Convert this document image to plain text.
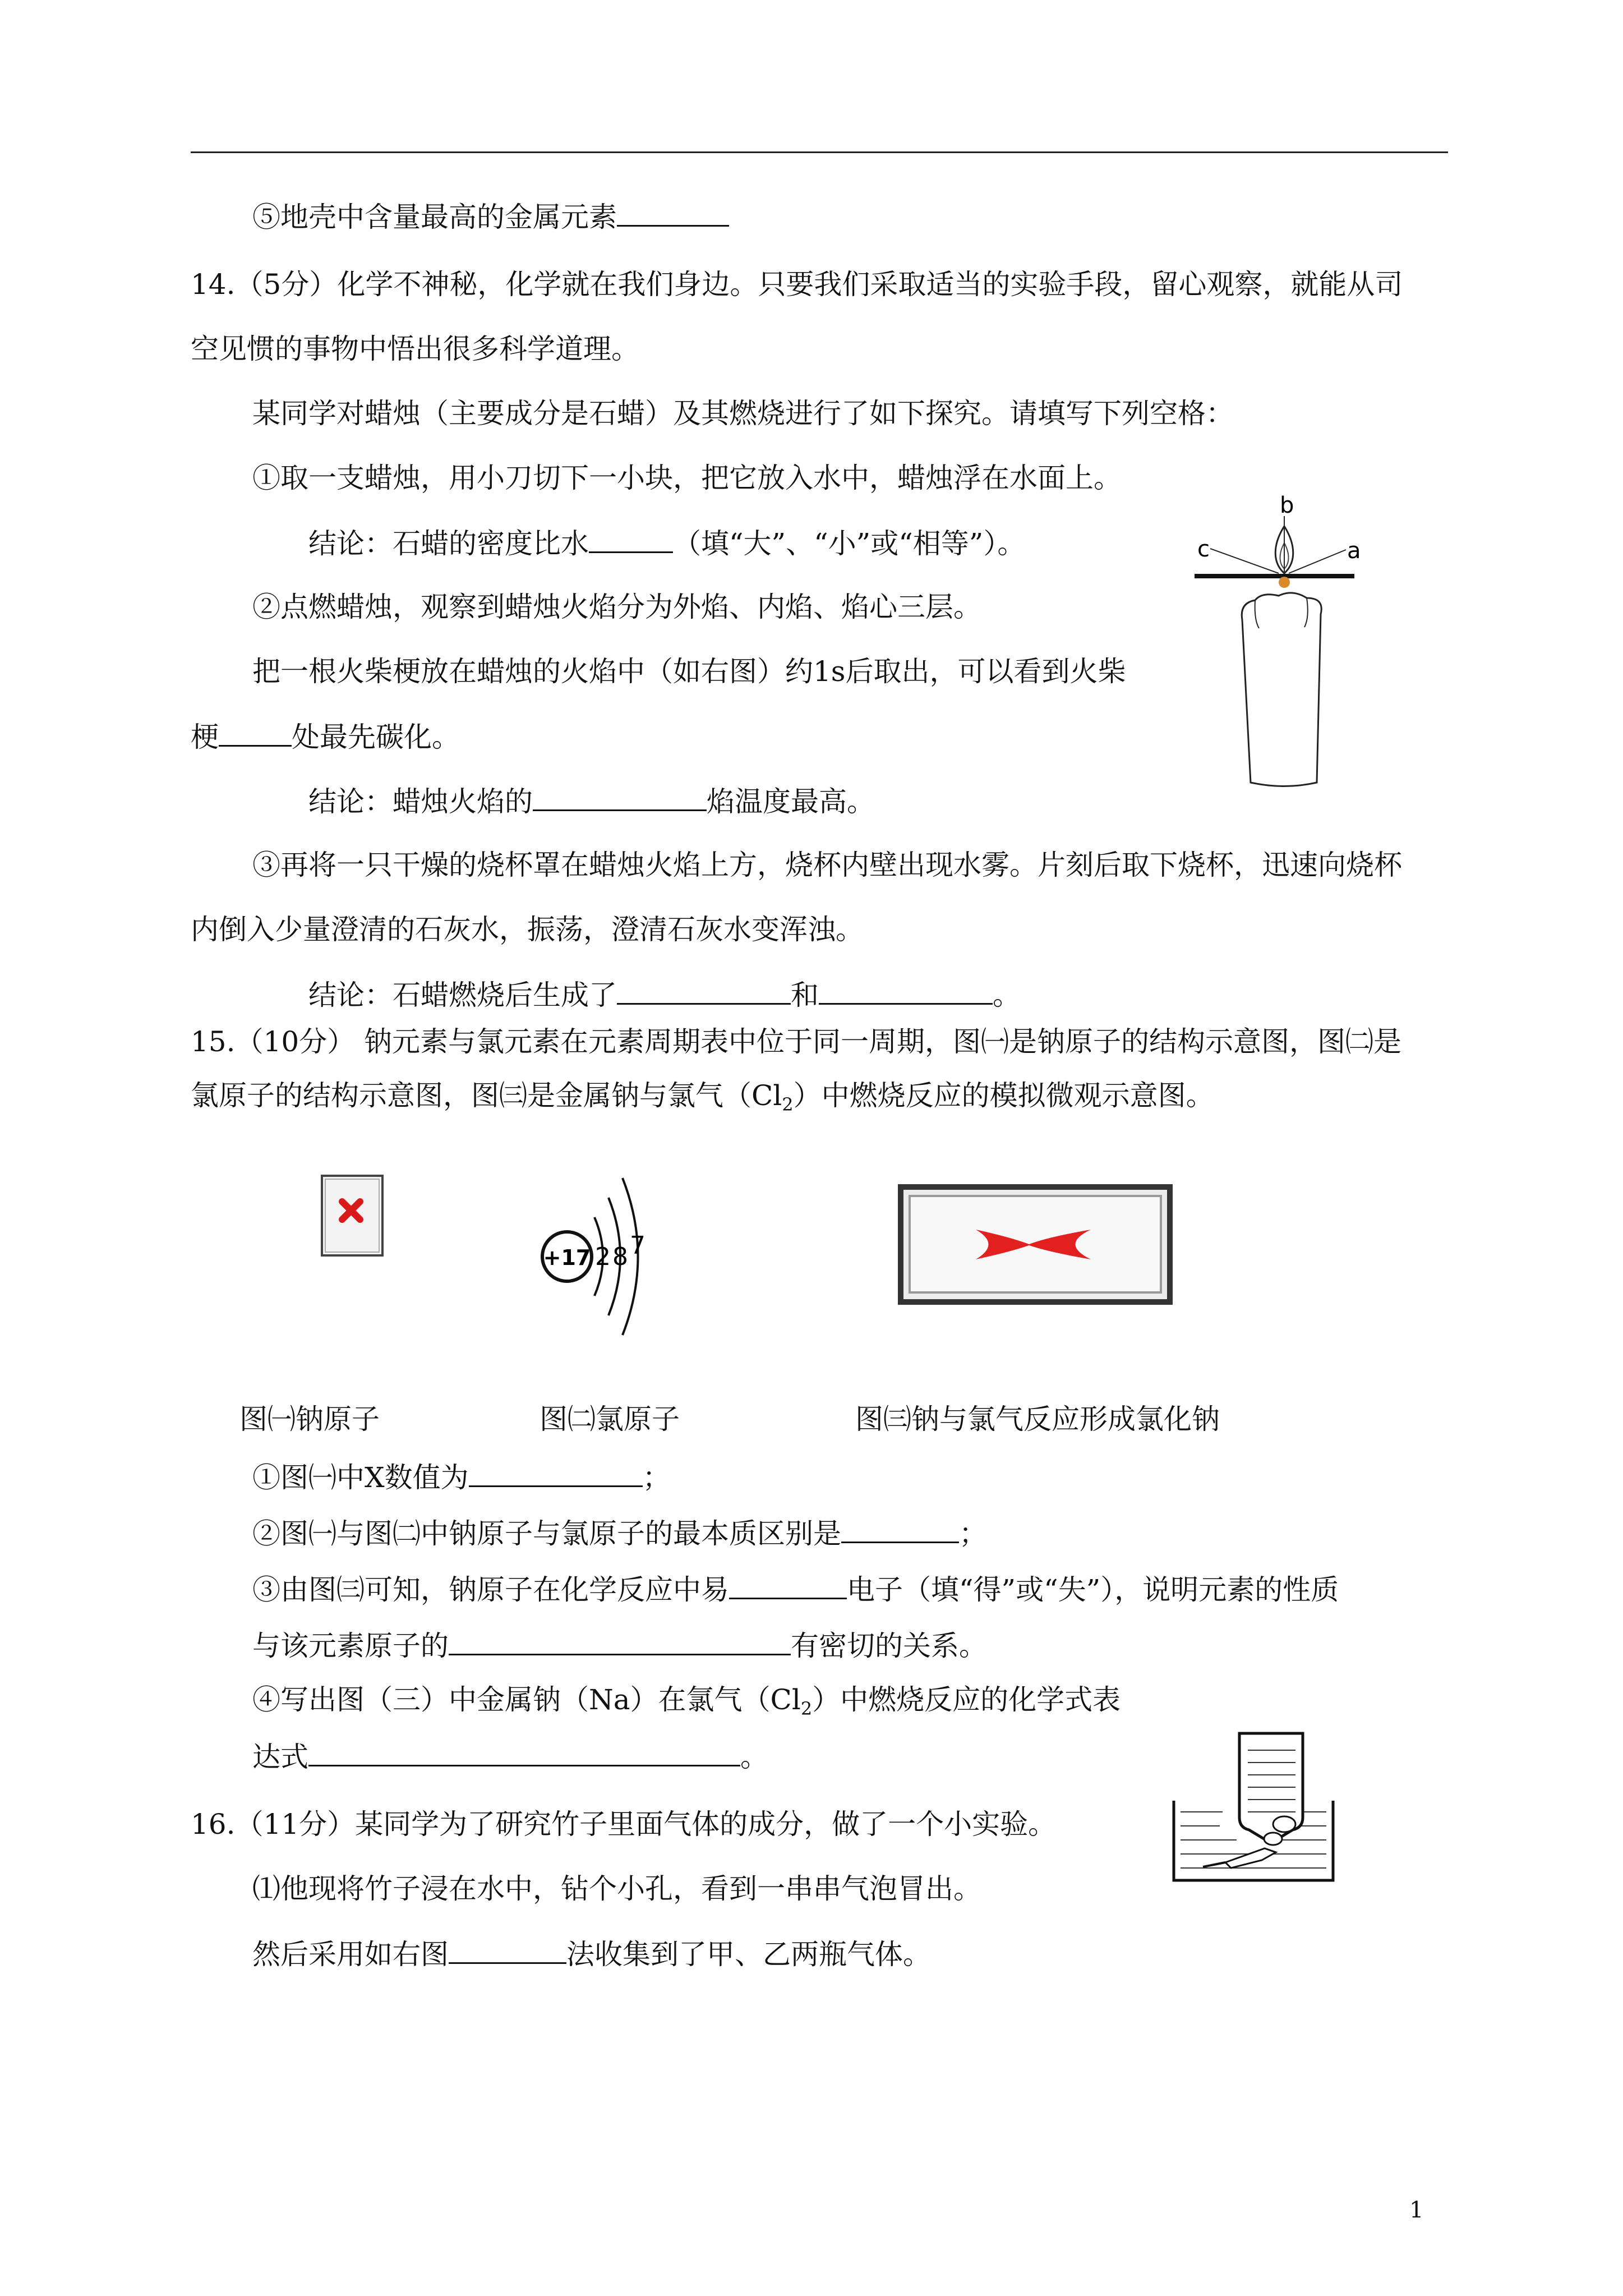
⑤地壳中含量最高的金属元素
14.（5分）化学不神秘，化学就在我们身边。只要我们采取适当的实验手段，留心观察，就能从司
空见惯的事物中悟出很多科学道理。
某同学对蜡烛（主要成分是石蜡）及其燃烧进行了如下探究。请填写下列空格：
①取一支蜡烛，用小刀切下一小块，把它放入水中，蜡烛浮在水面上。
结论：石蜡的密度比水	（填“大”、“小”或“相等”）。
②点燃蜡烛，观察到蜡烛火焰分为外焰、内焰、焰心三层。
把一根火柴梗放在蜡烛的火焰中（如右图）约1s后取出，可以看到火柴
梗	处最先碳化。
结论：蜡烛火焰的	焰温度最高。
③再将一只干燥的烧杯罩在蜡烛火焰上方，烧杯内壁出现水雾。片刻后取下烧杯，迅速向烧杯
内倒入少量澄清的石灰水，振荡，澄清石灰水变浑浊。
结论：石蜡燃烧后生成了	和	。
b
c	a
15.（10分） 钠元素与氯元素在元素周期表中位于同一周期，图㈠是钠原子的结构示意图，图㈡是
氯原子的结构示意图，图㈢是金属钠与氯气$(Cl_2)$中燃烧反应的模拟微观示意图。
+17 2 8 7
图㈠钠原子	图㈡氯原子	图㈢钠与氯气反应形成氯化钠
①图㈠中X数值为	；
②图㈠与图㈡中钠原子与氯原子的最本质区别是	；
③由图㈢可知，钠原子在化学反应中易	电子（填“得”或“失”），说明元素的性质
与该元素原子的	有密切的关系。
④写出图（三）中金属钠（Na）在氯气$(Cl_2)$中燃烧反应的化学式表
达式	。
16.（11分）某同学为了研究竹子里面气体的成分，做了一个小实验。
⑴他现将竹子浸在水中，钻个小孔，看到一串串气泡冒出。
然后采用如右图	法收集到了甲、乙两瓶气体。
1
